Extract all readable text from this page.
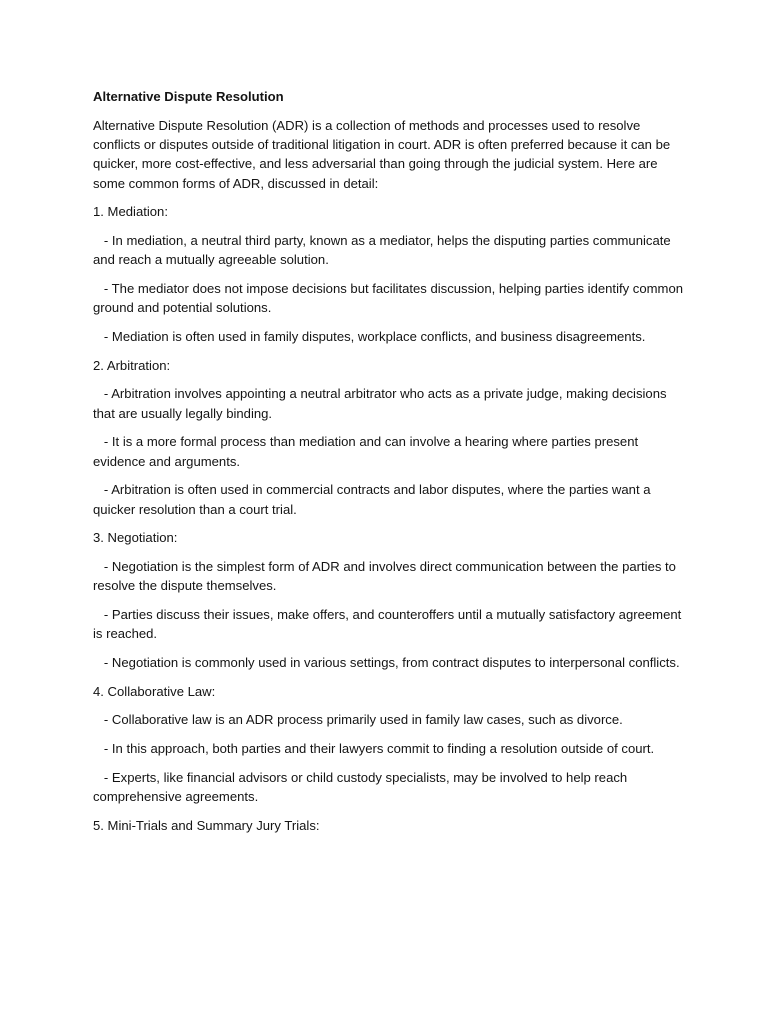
Alternative Dispute Resolution
Alternative Dispute Resolution (ADR) is a collection of methods and processes used to resolve conflicts or disputes outside of traditional litigation in court. ADR is often preferred because it can be quicker, more cost-effective, and less adversarial than going through the judicial system. Here are some common forms of ADR, discussed in detail:
1. Mediation:
- In mediation, a neutral third party, known as a mediator, helps the disputing parties communicate and reach a mutually agreeable solution.
- The mediator does not impose decisions but facilitates discussion, helping parties identify common ground and potential solutions.
- Mediation is often used in family disputes, workplace conflicts, and business disagreements.
2. Arbitration:
- Arbitration involves appointing a neutral arbitrator who acts as a private judge, making decisions that are usually legally binding.
- It is a more formal process than mediation and can involve a hearing where parties present evidence and arguments.
- Arbitration is often used in commercial contracts and labor disputes, where the parties want a quicker resolution than a court trial.
3. Negotiation:
- Negotiation is the simplest form of ADR and involves direct communication between the parties to resolve the dispute themselves.
- Parties discuss their issues, make offers, and counteroffers until a mutually satisfactory agreement is reached.
- Negotiation is commonly used in various settings, from contract disputes to interpersonal conflicts.
4. Collaborative Law:
- Collaborative law is an ADR process primarily used in family law cases, such as divorce.
- In this approach, both parties and their lawyers commit to finding a resolution outside of court.
- Experts, like financial advisors or child custody specialists, may be involved to help reach comprehensive agreements.
5. Mini-Trials and Summary Jury Trials:
